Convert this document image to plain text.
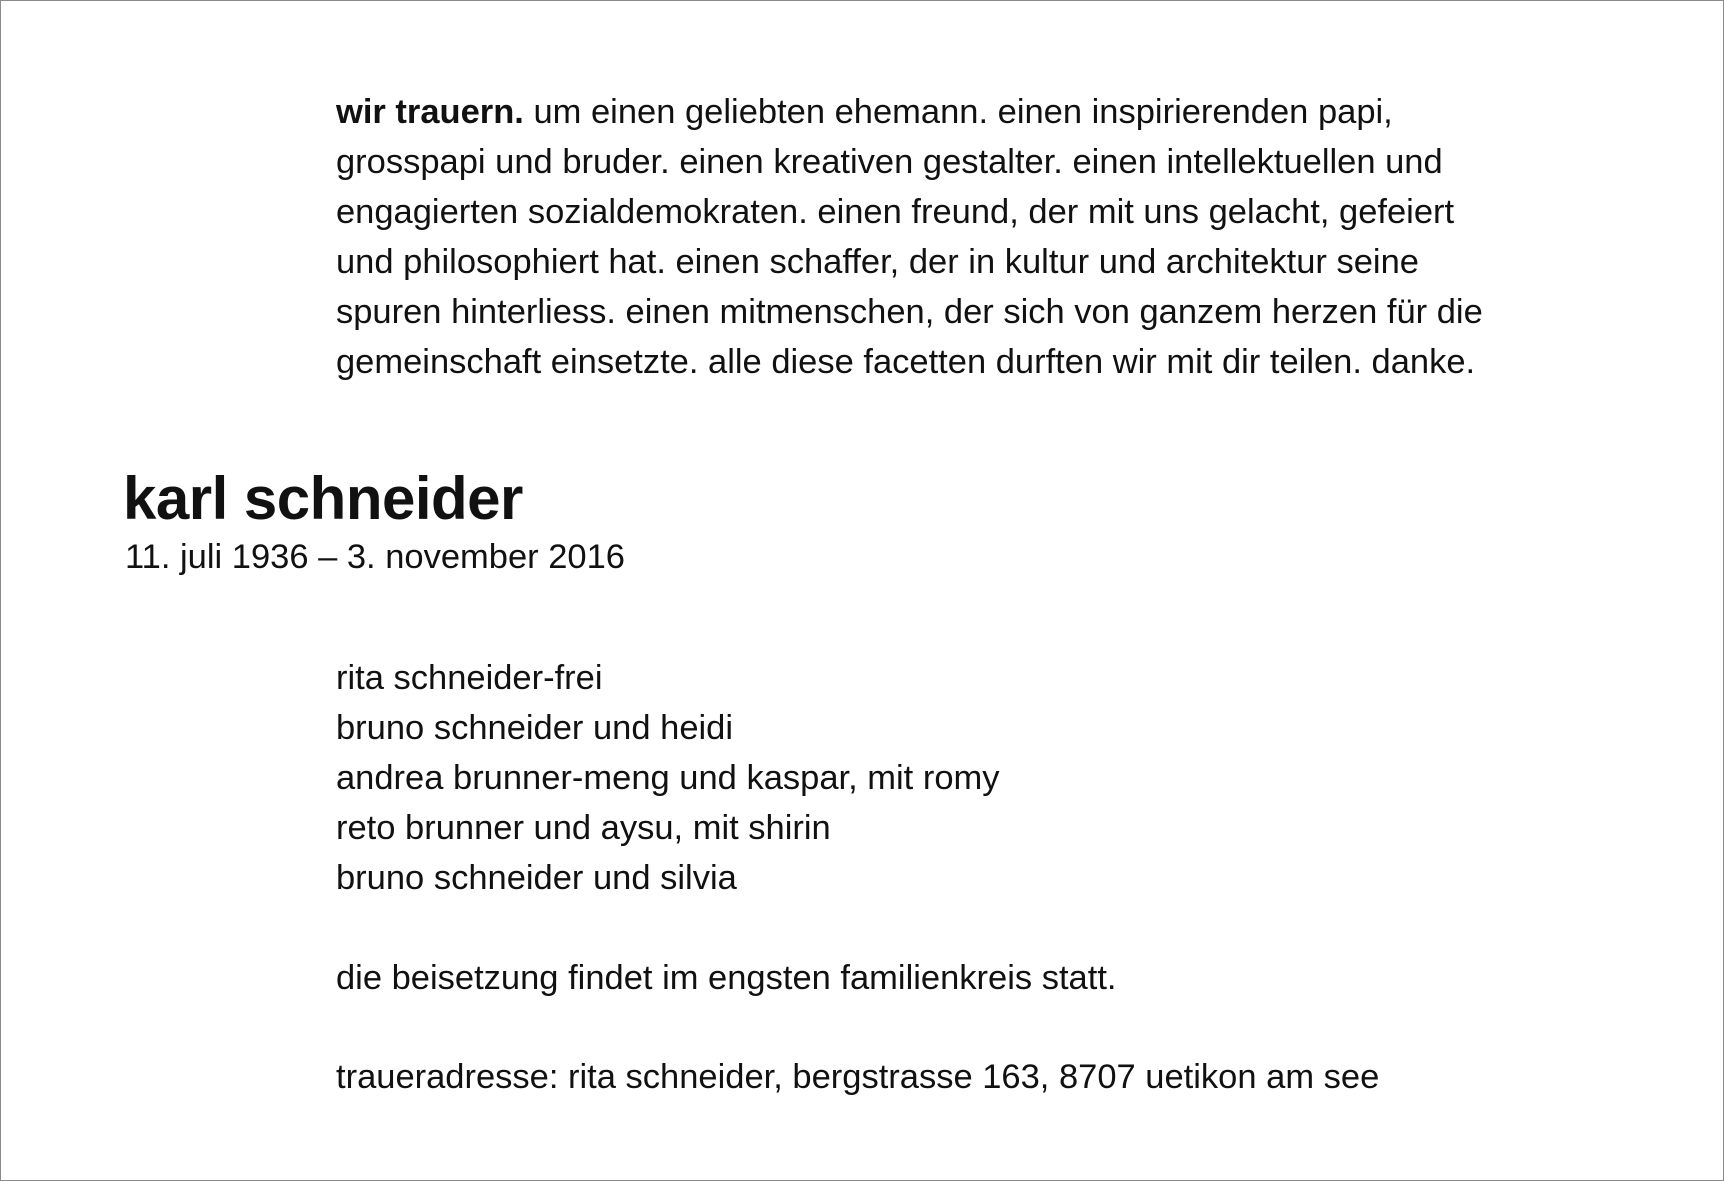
wir trauern. um einen geliebten ehemann. einen inspirierenden papi,
grosspapi und bruder. einen kreativen gestalter. einen intellektuellen und
engagierten sozialdemokraten. einen freund, der mit uns gelacht, gefeiert
und philosophiert hat. einen schaffer, der in kultur und architektur seine
spuren hinterliess. einen mitmenschen, der sich von ganzem herzen für die
gemeinschaft einsetzte. alle diese facetten durften wir mit dir teilen. danke.

karl schneider

11. juli 1936 – 3. november 2016

rita schneider-frei
bruno schneider und heidi
andrea brunner-meng und kaspar, mit romy
reto brunner und aysu, mit shirin
bruno schneider und silvia

die beisetzung findet im engsten familienkreis statt.

traueradresse: rita schneider, bergstrasse 163, 8707 uetikon am see
